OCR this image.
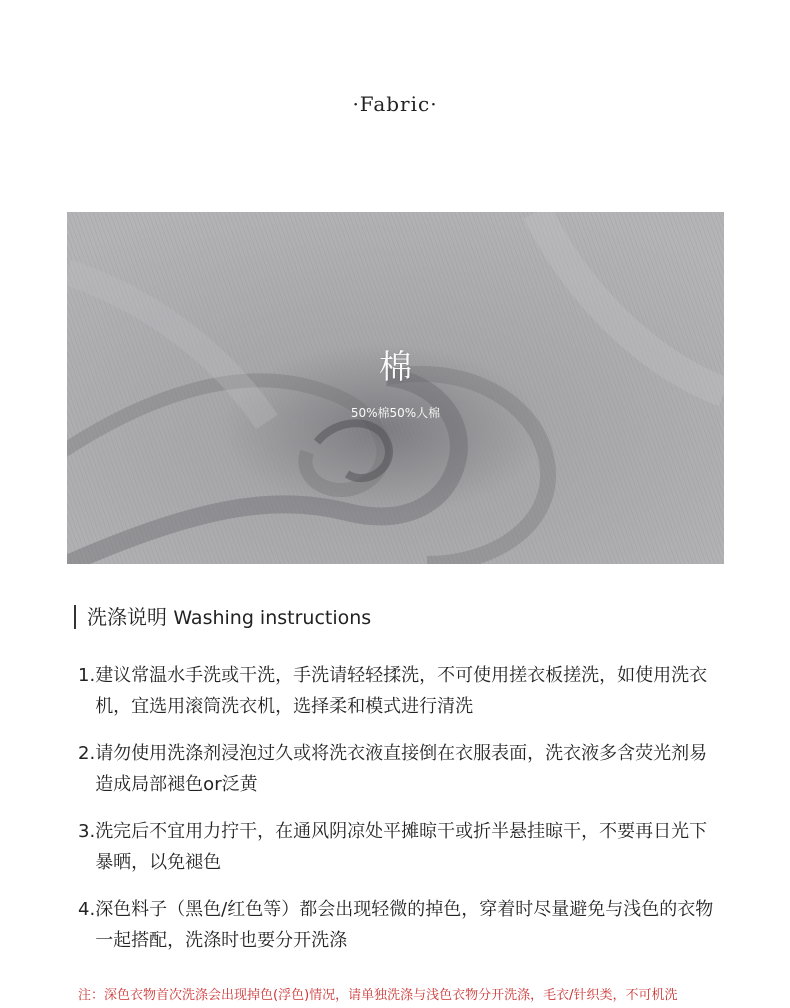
·Fabric·
棉
50%棉50%人棉
洗涤说明 Washing instructions
1. 建议常温水手洗或干洗，手洗请轻轻揉洗，不可使用搓衣板搓洗，如使用洗衣机，宜选用滚筒洗衣机，选择柔和模式进行清洗
2. 请勿使用洗涤剂浸泡过久或将洗衣液直接倒在衣服表面，洗衣液多含荧光剂易造成局部褪色or泛黄
3. 洗完后不宜用力拧干，在通风阴凉处平摊晾干或折半悬挂晾干，不要再日光下暴晒，以免褪色
4. 深色料子（黑色/红色等）都会出现轻微的掉色，穿着时尽量避免与浅色的衣物一起搭配，洗涤时也要分开洗涤
注：深色衣物首次洗涤会出现掉色(浮色)情况，请单独洗涤与浅色衣物分开洗涤，毛衣/针织类，不可机洗
